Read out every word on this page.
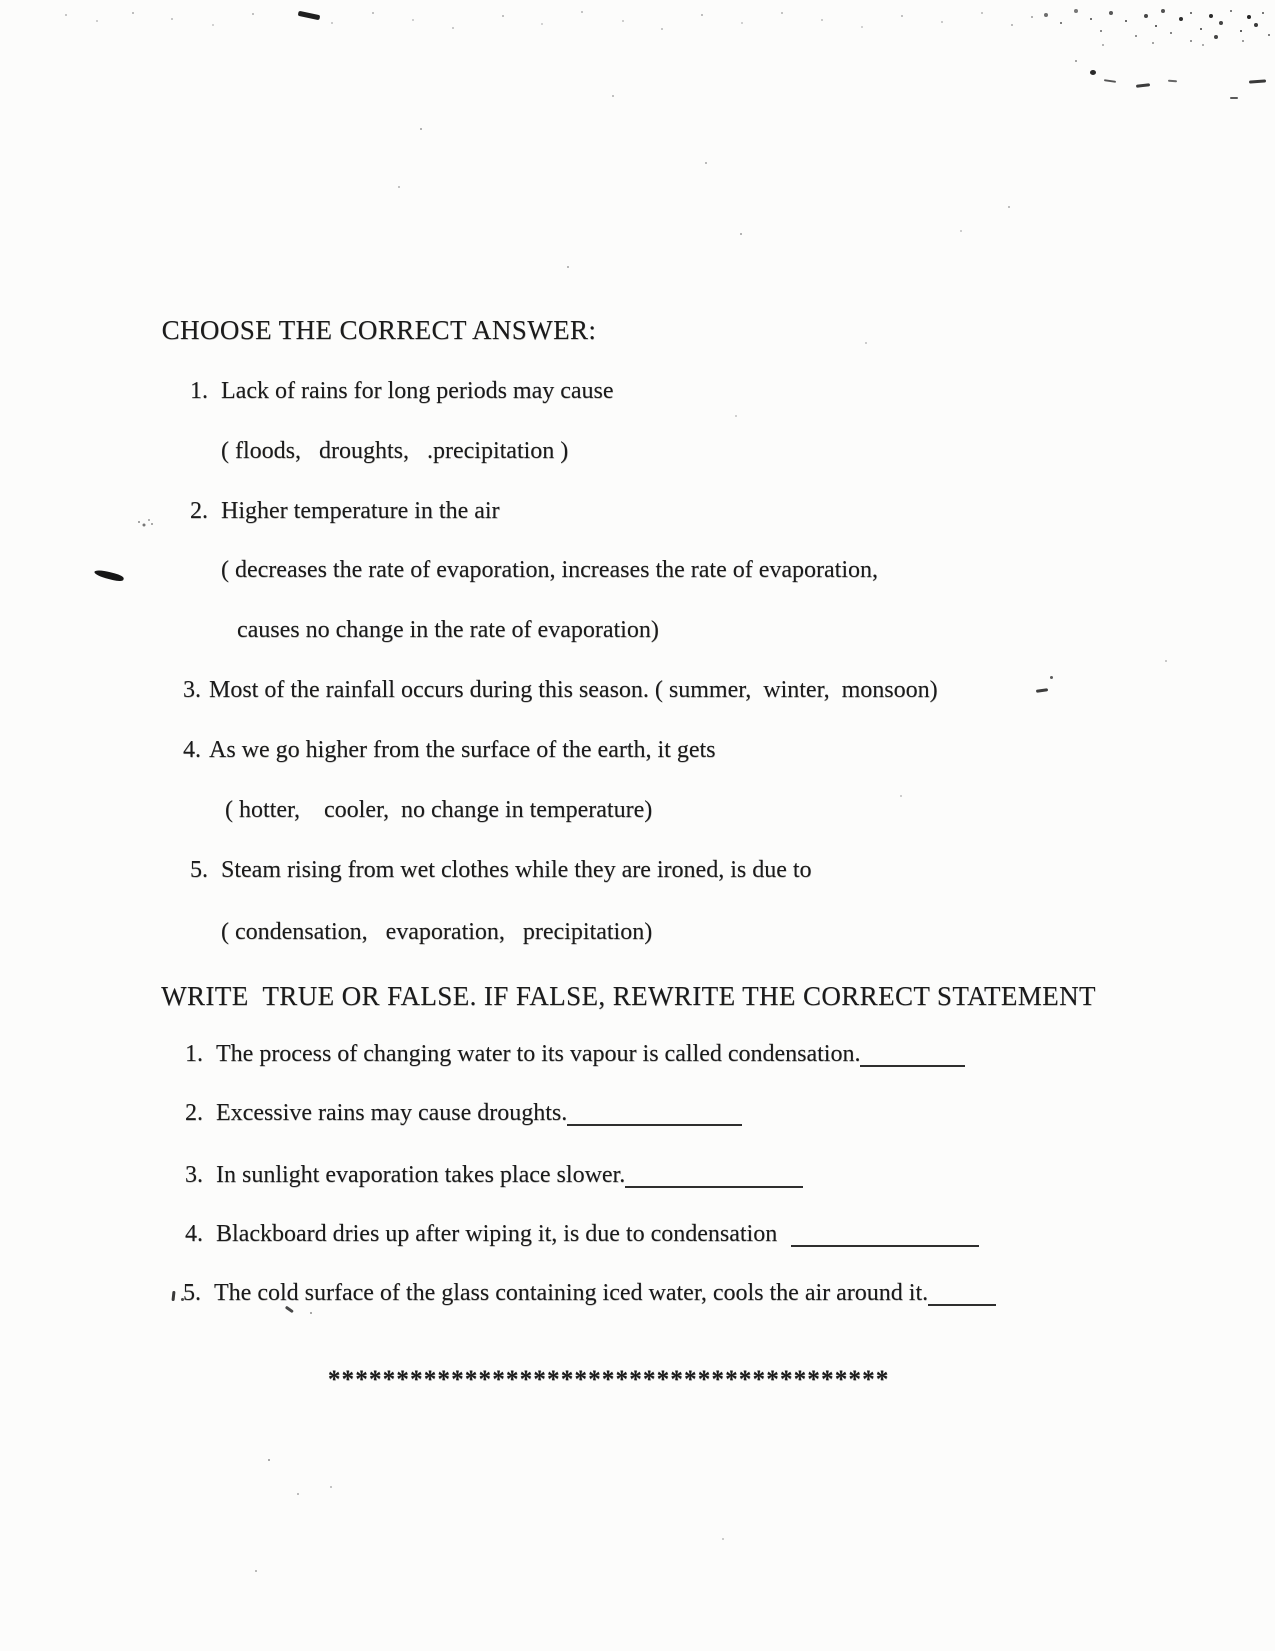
CHOOSE THE CORRECT ANSWER:

1. Lack of rains for long periods may cause

( floods,   droughts,   .precipitation )

2. Higher temperature in the air

( decreases the rate of evaporation, increases the rate of evaporation,

causes no change in the rate of evaporation)

3. Most of the rainfall occurs during this season. ( summer,  winter,  monsoon)

4. As we go higher from the surface of the earth, it gets

( hotter,    cooler,  no change in temperature)

5. Steam rising from wet clothes while they are ironed, is due to

( condensation,   evaporation,   precipitation)

WRITE  TRUE OR FALSE. IF FALSE, REWRITE THE CORRECT STATEMENT

1. The process of changing water to its vapour is called condensation.

2. Excessive rains may cause droughts.

3. In sunlight evaporation takes place slower.

4. Blackboard dries up after wiping it, is due to condensation

5. The cold surface of the glass containing iced water, cools the air around it.

*****************************************
